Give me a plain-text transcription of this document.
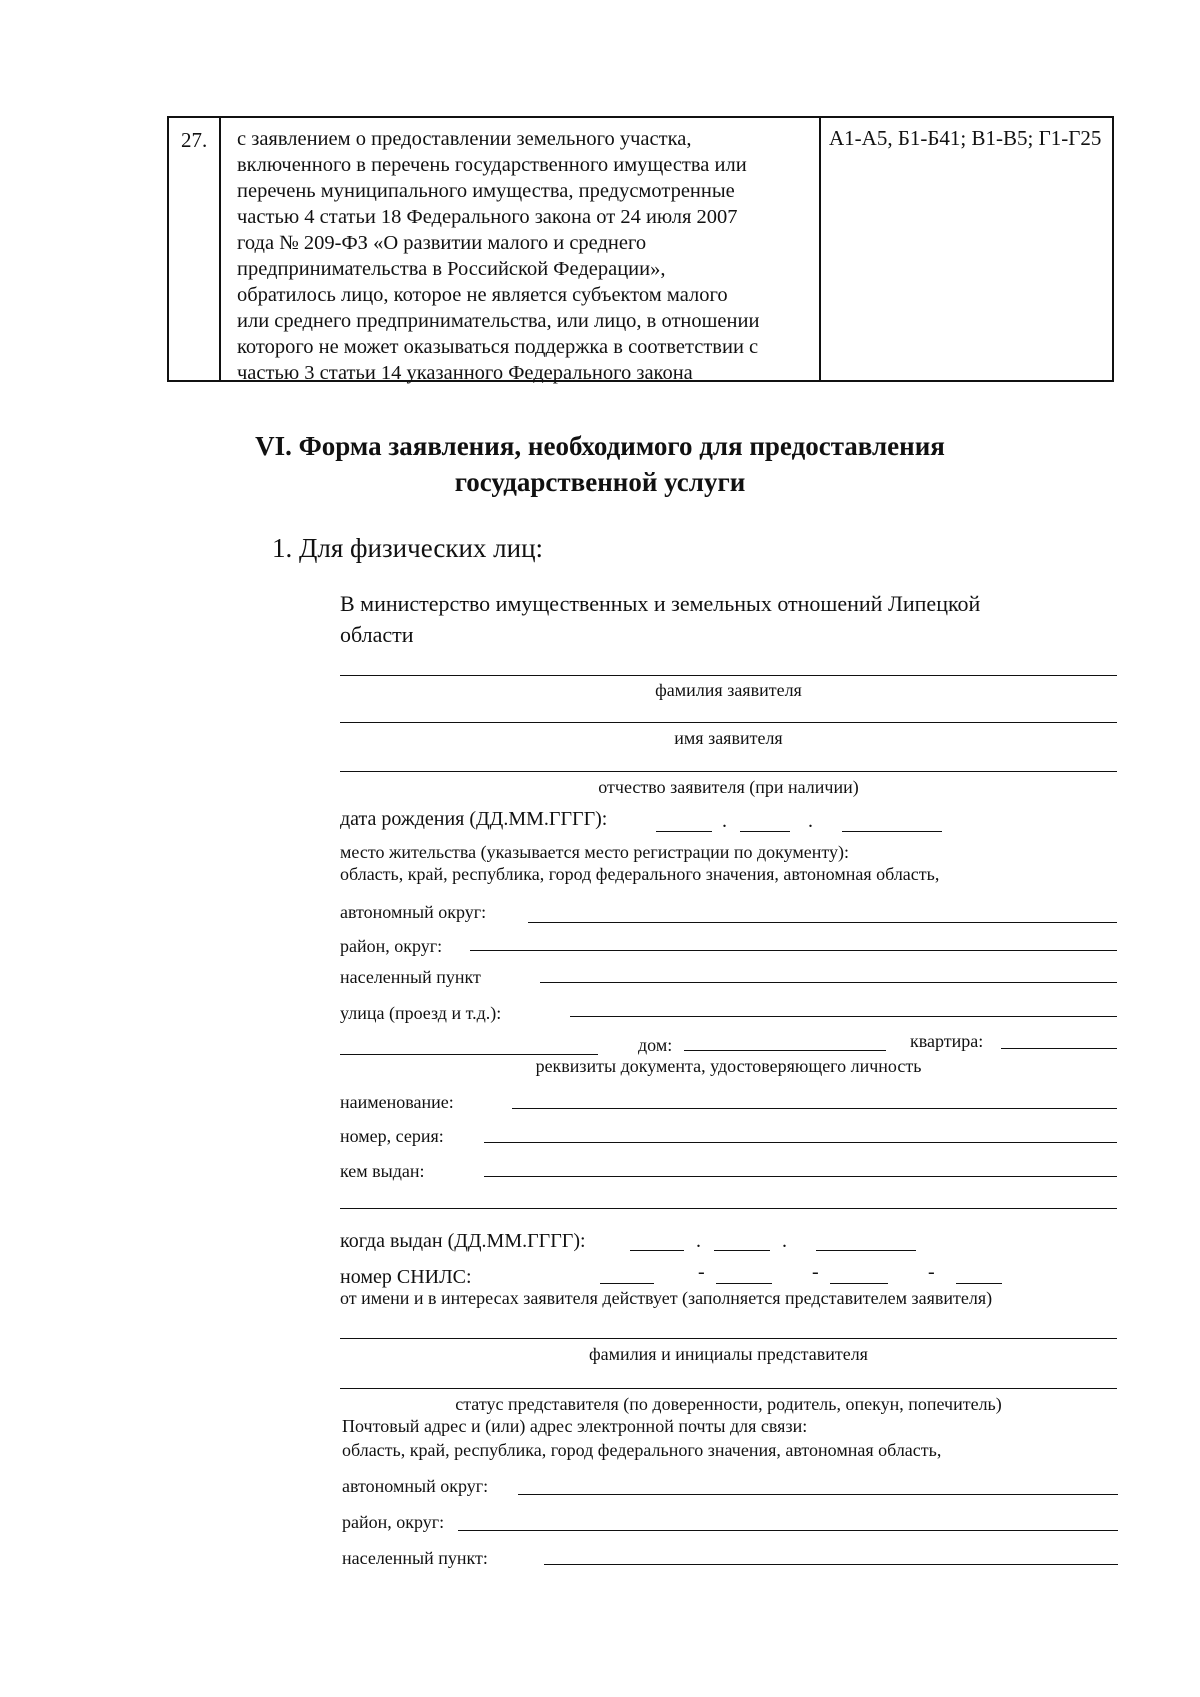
27. с заявлением о предоставлении земельного участка,
включенного в перечень государственного имущества или
перечень муниципального имущества, предусмотренные
частью 4 статьи 18 Федерального закона от 24 июля 2007
года № 209-ФЗ «О развитии малого и среднего
предпринимательства в Российской Федерации»,
обратилось лицо, которое не является субъектом малого
или среднего предпринимательства, или лицо, в отношении
которого не может оказываться поддержка в соответствии с
частью 3 статьи 14 указанного Федерального закона
А1-А5, Б1-Б41; В1-В5; Г1-Г25
VI. Форма заявления, необходимого для предоставления
государственной услуги
1. Для физических лиц:
В министерство имущественных и земельных отношений Липецкой
области
фамилия заявителя
имя заявителя
отчество заявителя (при наличии)
дата рождения (ДД.ММ.ГГГГ):	.	.
место жительства (указывается место регистрации по документу):
область, край, республика, город федерального значения, автономная область,
автономный округ:
район, округ:
населенный пункт
улица (проезд и т.д.):
дом:	квартира:
реквизиты документа, удостоверяющего личность
наименование:
номер, серия:
кем выдан:
когда выдан (ДД.ММ.ГГГГ):	.	.
номер СНИЛС:	-	-	-
от имени и в интересах заявителя действует (заполняется представителем заявителя)
фамилия и инициалы представителя
статус представителя (по доверенности, родитель, опекун, попечитель)
Почтовый адрес и (или) адрес электронной почты для связи:
область, край, республика, город федерального значения, автономная область,
автономный округ:
район, округ:
населенный пункт:
